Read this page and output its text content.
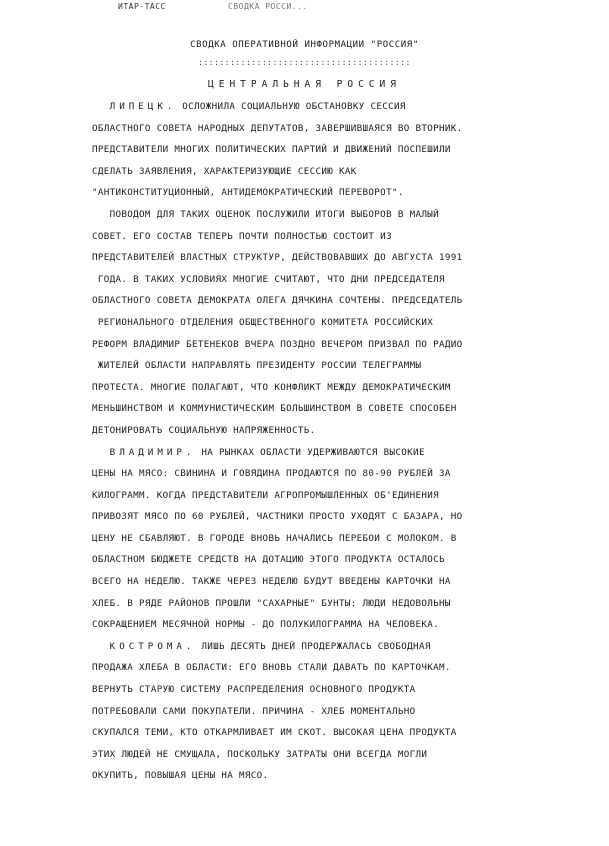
ИТАР-ТАСС	СВОДКА РОССИ...
СВОДКА ОПЕРАТИВНОЙ ИНФОРМАЦИИ "РОССИЯ"
::::::::::::::::::::::::::::::::::::::::
ЦЕНТРАЛЬНАЯ РОССИЯ
ЛИПЕЦК. ОСЛОЖНИЛА СОЦИАЛЬНУЮ ОБСТАНОВКУ СЕССИЯ
ОБЛАСТНОГО СОВЕТА НАРОДНЫХ ДЕПУТАТОВ, ЗАВЕРШИВШАЯСЯ ВО ВТОРНИК.
ПРЕДСТАВИТЕЛИ МНОГИХ ПОЛИТИЧЕСКИХ ПАРТИЙ И ДВИЖЕНИЙ ПОСПЕШИЛИ
СДЕЛАТЬ ЗАЯВЛЕНИЯ, ХАРАКТЕРИЗУЮЩИЕ СЕССИЮ КАК
"АНТИКОНСТИТУЦИОННЫЙ, АНТИДЕМОКРАТИЧЕСКИЙ ПЕРЕВОРОТ".
ПОВОДОМ ДЛЯ ТАКИХ ОЦЕНОК ПОСЛУЖИЛИ ИТОГИ ВЫБОРОВ В МАЛЫЙ
СОВЕТ. ЕГО СОСТАВ ТЕПЕРЬ ПОЧТИ ПОЛНОСТЬЮ СОСТОИТ ИЗ
ПРЕДСТАВИТЕЛЕЙ ВЛАСТНЫХ СТРУКТУР, ДЕЙСТВОВАВШИХ ДО АВГУСТА 1991
ГОДА. В ТАКИХ УСЛОВИЯХ МНОГИЕ СЧИТАЮТ, ЧТО ДНИ ПРЕДСЕДАТЕЛЯ
ОБЛАСТНОГО СОВЕТА ДЕМОКРАТА ОЛЕГА ДЯЧКИНА СОЧТЕНЫ. ПРЕДСЕДАТЕЛЬ
РЕГИОНАЛЬНОГО ОТДЕЛЕНИЯ ОБЩЕСТВЕННОГО КОМИТЕТА РОССИЙСКИХ
РЕФОРМ ВЛАДИМИР БЕТЕНЕКОВ ВЧЕРА ПОЗДНО ВЕЧЕРОМ ПРИЗВАЛ ПО РАДИО
ЖИТЕЛЕЙ ОБЛАСТИ НАПРАВЛЯТЬ ПРЕЗИДЕНТУ РОССИИ ТЕЛЕГРАММЫ
ПРОТЕСТА. МНОГИЕ ПОЛАГАЮТ, ЧТО КОНФЛИКТ МЕЖДУ ДЕМОКРАТИЧЕСКИМ
МЕНЬШИНСТВОМ И КОММУНИСТИЧЕСКИМ БОЛЬШИНСТВОМ В СОВЕТЕ СПОСОБЕН
ДЕТОНИРОВАТЬ СОЦИАЛЬНУЮ НАПРЯЖЕННОСТЬ.
ВЛАДИМИР. НА РЫНКАХ ОБЛАСТИ УДЕРЖИВАЮТСЯ ВЫСОКИЕ
ЦЕНЫ НА МЯСО: СВИНИНА И ГОВЯДИНА ПРОДАЮТСЯ ПО 80-90 РУБЛЕЙ ЗА
КИЛОГРАММ. КОГДА ПРЕДСТАВИТЕЛИ АГРОПРОМЫШЛЕННЫХ ОБ'ЕДИНЕНИЯ
ПРИВОЗЯТ МЯСО ПО 60 РУБЛЕЙ, ЧАСТНИКИ ПРОСТО УХОДЯТ С БАЗАРА, НО
ЦЕНУ НЕ СБАВЛЯЮТ. В ГОРОДЕ ВНОВЬ НАЧАЛИСЬ ПЕРЕБОИ С МОЛОКОМ. В
ОБЛАСТНОМ БЮДЖЕТЕ СРЕДСТВ НА ДОТАЦИЮ ЭТОГО ПРОДУКТА ОСТАЛОСЬ
ВСЕГО НА НЕДЕЛЮ. ТАКЖЕ ЧЕРЕЗ НЕДЕЛЮ БУДУТ ВВЕДЕНЫ КАРТОЧКИ НА
ХЛЕБ. В РЯДЕ РАЙОНОВ ПРОШЛИ "САХАРНЫЕ" БУНТЫ: ЛЮДИ НЕДОВОЛЬНЫ
СОКРАЩЕНИЕМ МЕСЯЧНОЙ НОРМЫ - ДО ПОЛУКИЛОГРАММА НА ЧЕЛОВЕКА.
КОСТРОМА. ЛИШЬ ДЕСЯТЬ ДНЕЙ ПРОДЕРЖАЛАСЬ СВОБОДНАЯ
ПРОДАЖА ХЛЕБА В ОБЛАСТИ: ЕГО ВНОВЬ СТАЛИ ДАВАТЬ ПО КАРТОЧКАМ.
ВЕРНУТЬ СТАРУЮ СИСТЕМУ РАСПРЕДЕЛЕНИЯ ОСНОВНОГО ПРОДУКТА
ПОТРЕБОВАЛИ САМИ ПОКУПАТЕЛИ. ПРИЧИНА - ХЛЕБ МОМЕНТАЛЬНО
СКУПАЛСЯ ТЕМИ, КТО ОТКАРМЛИВАЕТ ИМ СКОТ. ВЫСОКАЯ ЦЕНА ПРОДУКТА
ЭТИХ ЛЮДЕЙ НЕ СМУЩАЛА, ПОСКОЛЬКУ ЗАТРАТЫ ОНИ ВСЕГДА МОГЛИ
ОКУПИТЬ, ПОВЫШАЯ ЦЕНЫ НА МЯСО.
